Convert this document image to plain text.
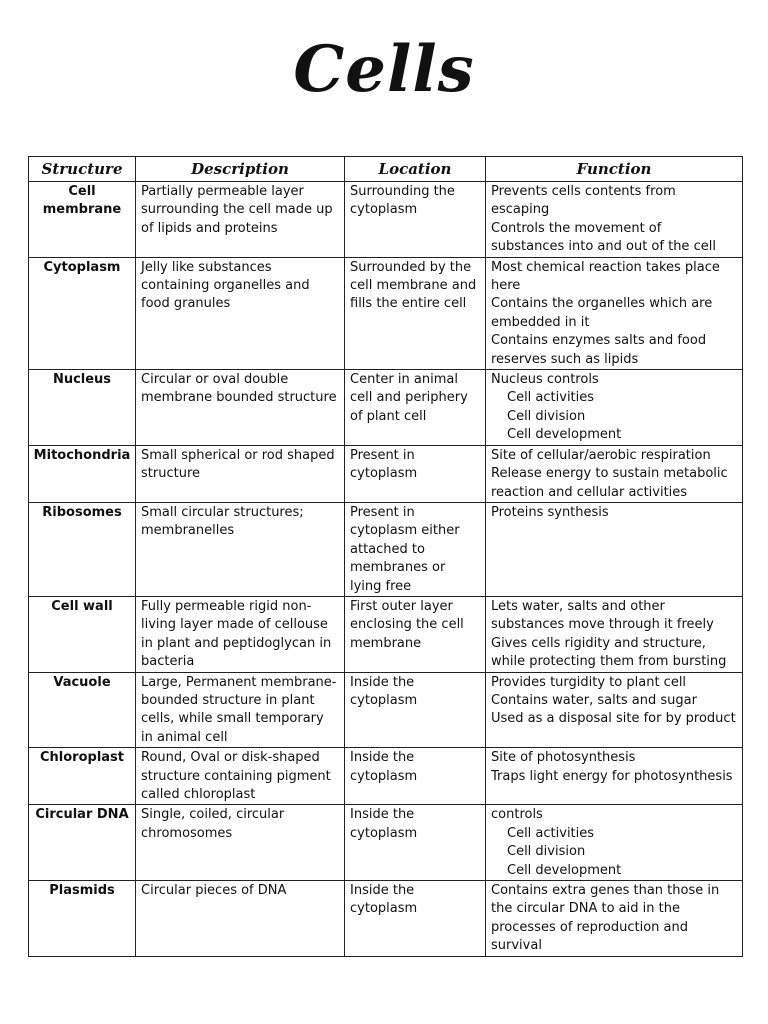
Cells
Structure	Description	Location	Function
Cell membrane	Partially permeable layer surrounding the cell made up of lipids and proteins	Surrounding the cytoplasm	Prevents cells contents from escaping
Controls the movement of substances into and out of the cell

Cytoplasm	Jelly like substances containing organelles and food granules	Surrounded by the cell membrane and fills the entire cell	Most chemical reaction takes place here
Contains the organelles which are embedded in it
Contains enzymes salts and food reserves such as lipids

Nucleus	Circular or oval double membrane bounded structure	Center in animal cell and periphery of plant cell	Nucleus controls
Cell activities
Cell division
Cell development

Mitochondria	Small spherical or rod shaped structure	Present in cytoplasm	Site of cellular/aerobic respiration
Release energy to sustain metabolic reaction and cellular activities

Ribosomes	Small circular structures; membranelles	Present in cytoplasm either attached to membranes or lying free	Proteins synthesis

Cell wall	Fully permeable rigid non-living layer made of cellouse in plant and peptidoglycan in bacteria	First outer layer enclosing the cell membrane	Lets water, salts and other substances move through it freely
Gives cells rigidity and structure, while protecting them from bursting

Vacuole	Large, Permanent membrane-bounded structure in plant cells, while small temporary in animal cell	Inside the cytoplasm	Provides turgidity to plant cell
Contains water, salts and sugar
Used as a disposal site for by product

Chloroplast	Round, Oval or disk-shaped structure containing pigment called chloroplast	Inside the cytoplasm	Site of photosynthesis
Traps light energy for photosynthesis

Circular DNA	Single, coiled, circular chromosomes	Inside the cytoplasm	controls
Cell activities
Cell division
Cell development

Plasmids	Circular pieces of DNA	Inside the cytoplasm	Contains extra genes than those in the circular DNA to aid in the processes of reproduction and survival
